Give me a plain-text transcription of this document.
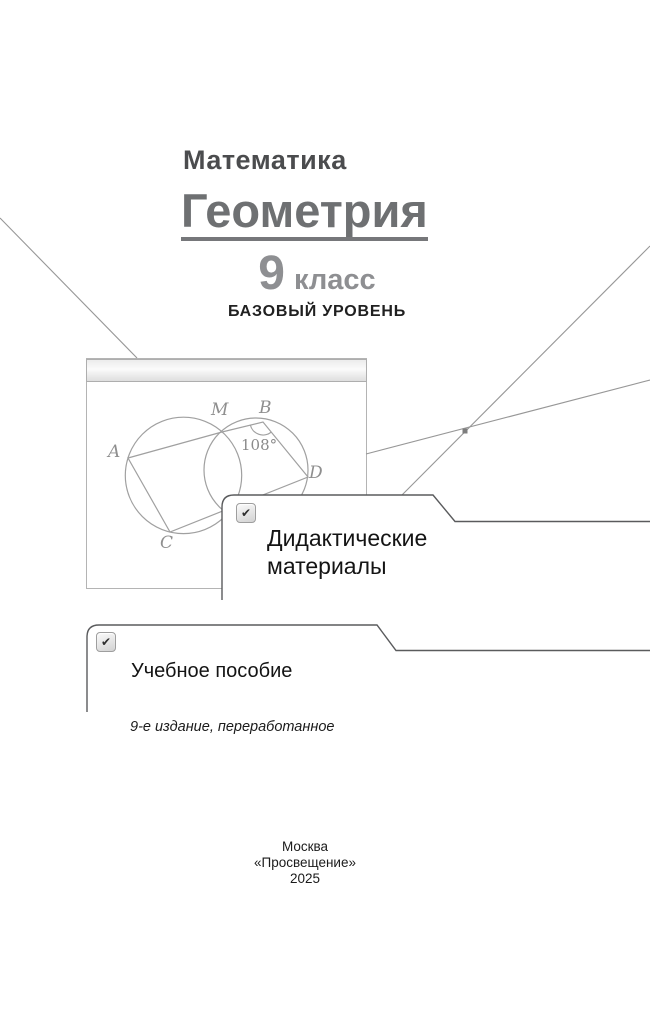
Математика
Геометрия
9 класс
БАЗОВЫЙ УРОВЕНЬ
A
M B
D
C
108°
✔
Дидактические
материалы
✔
Учебное пособие
9-е издание, переработанное
Москва
«Просвещение»
2025
